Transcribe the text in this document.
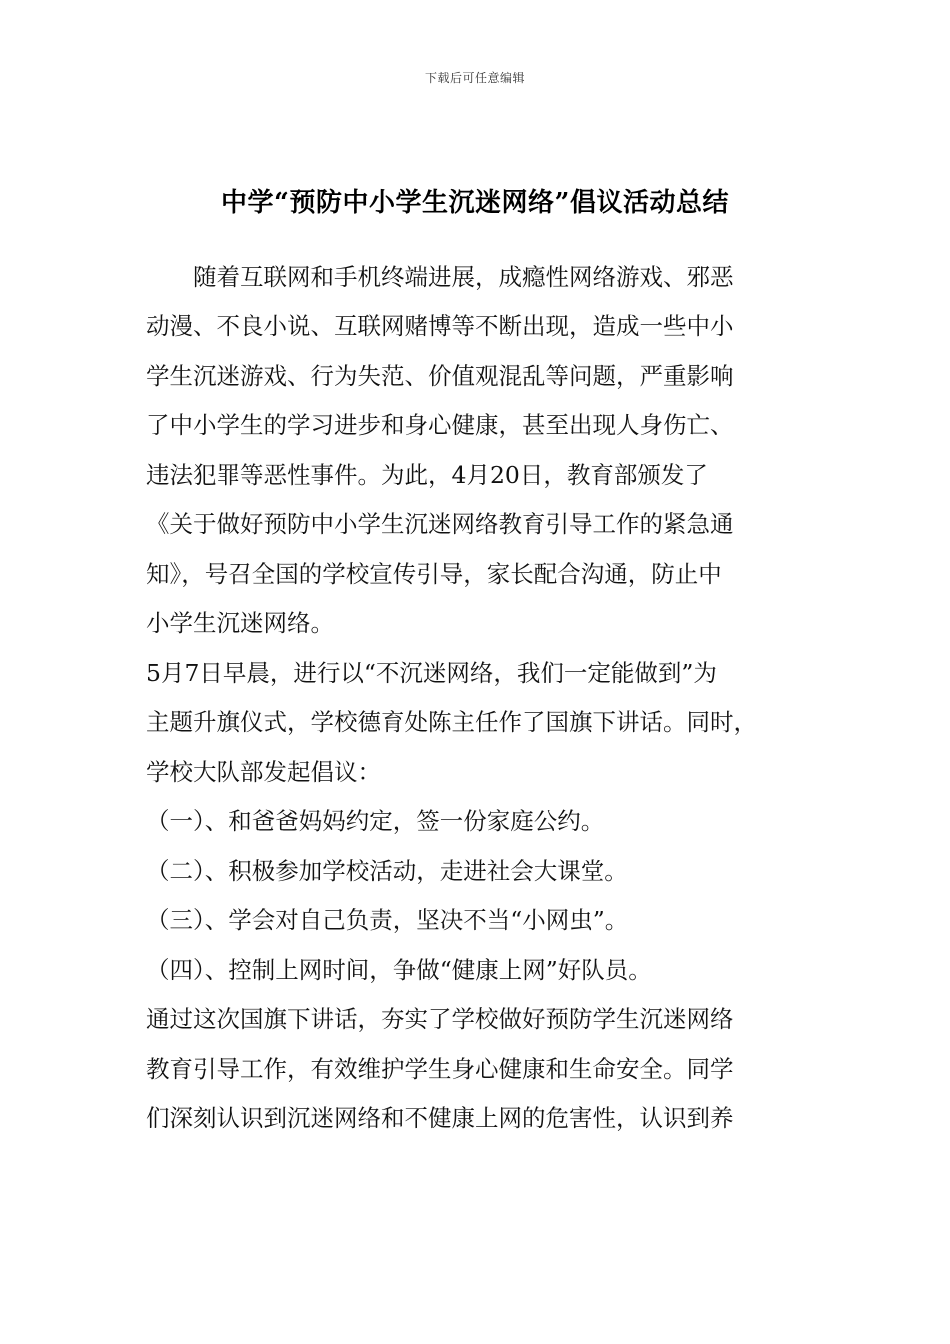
下载后可任意编辑
中学“预防中小学生沉迷网络”倡议活动总结
　　随着互联网和手机终端进展，成瘾性网络游戏、邪恶
动漫、不良小说、互联网赌博等不断出现，造成一些中小
学生沉迷游戏、行为失范、价值观混乱等问题，严重影响
了中小学生的学习进步和身心健康，甚至出现人身伤亡、
违法犯罪等恶性事件。为此，4月20日，教育部颁发了
《关于做好预防中小学生沉迷网络教育引导工作的紧急通
知》，号召全国的学校宣传引导，家长配合沟通，防止中
小学生沉迷网络。
5月7日早晨，进行以“不沉迷网络，我们一定能做到”为
主题升旗仪式，学校德育处陈主任作了国旗下讲话。同时，
学校大队部发起倡议：
（一）、和爸爸妈妈约定，签一份家庭公约。
（二）、积极参加学校活动，走进社会大课堂。
（三）、学会对自己负责，坚决不当“小网虫”。
（四）、控制上网时间，争做“健康上网”好队员。
通过这次国旗下讲话，夯实了学校做好预防学生沉迷网络
教育引导工作，有效维护学生身心健康和生命安全。同学
们深刻认识到沉迷网络和不健康上网的危害性，认识到养
